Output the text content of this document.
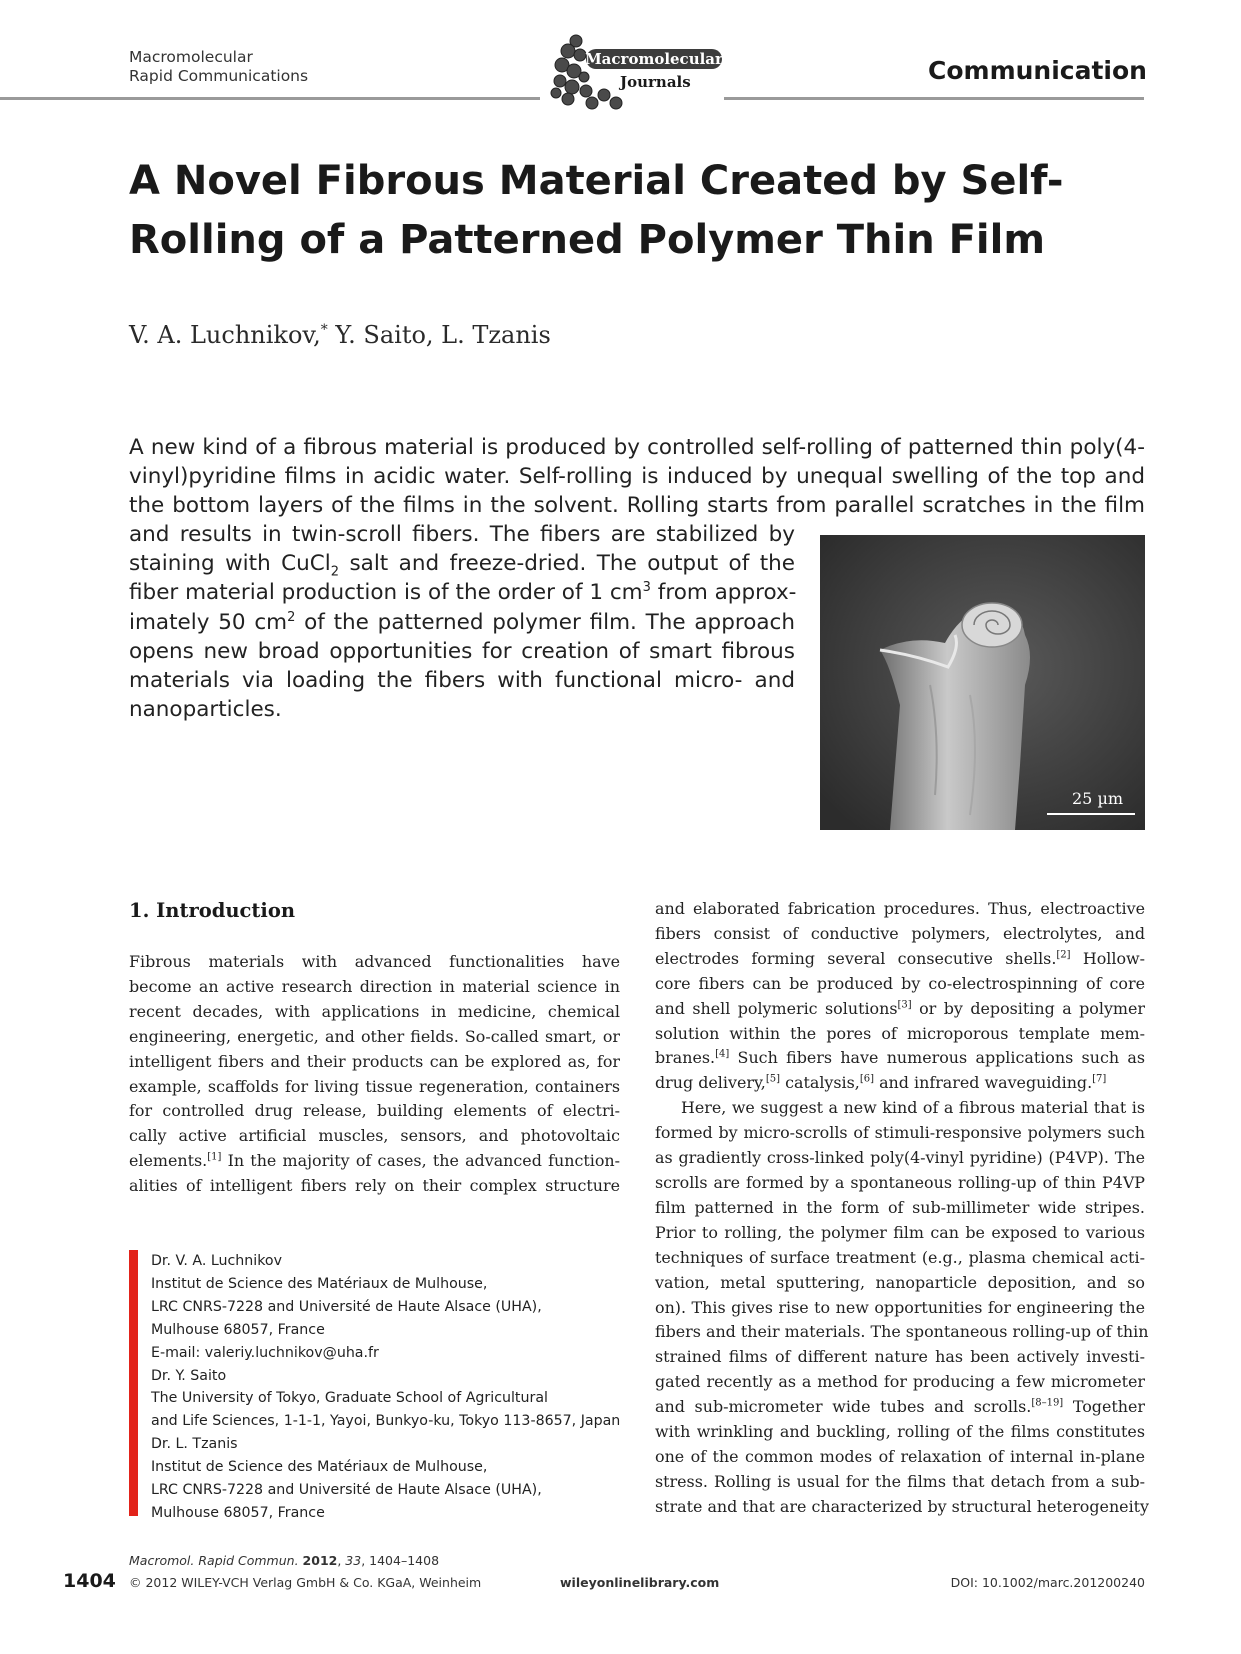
Macromolecular
Rapid Communications
Macromolecular
Journals	Communication
A Novel Fibrous Material Created by Self-
Rolling of a Patterned Polymer Thin Film
V. A. Luchnikov,* Y. Saito, L. Tzanis
A new kind of a fibrous material is produced by controlled self-rolling of patterned thin poly(4-
vinyl)pyridine films in acidic water. Self-rolling is induced by unequal swelling of the top and
the bottom layers of the films in the solvent. Rolling starts from parallel scratches in the film
and results in twin-scroll fibers. The fibers are stabilized by
staining with CuCl$_2$ salt and freeze-dried. The output of the
fiber material production is of the order of 1 $cm^3$ from approx-
imately 50 $cm^2$ of the patterned polymer film. The approach
opens new broad opportunities for creation of smart fibrous
materials via loading the fibers with functional micro- and
nanoparticles.
25 µm
1. Introduction
Fibrous materials with advanced functionalities have
become an active research direction in material science in
recent decades, with applications in medicine, chemical
engineering, energetic, and other fields. So-called smart, or
intelligent fibers and their products can be explored as, for
example, scaffolds for living tissue regeneration, containers
for controlled drug release, building elements of electri-
cally active artificial muscles, sensors, and photovoltaic
elements.[1] In the majority of cases, the advanced function-
alities of intelligent fibers rely on their complex structure
and elaborated fabrication procedures. Thus, electroactive
fibers consist of conductive polymers, electrolytes, and
electrodes forming several consecutive shells.[2] Hollow-
core fibers can be produced by co-electrospinning of core
and shell polymeric solutions[3] or by depositing a polymer
solution within the pores of microporous template mem-
branes.[4] Such fibers have numerous applications such as
drug delivery,[5] catalysis,[6] and infrared waveguiding.[7]
Here, we suggest a new kind of a fibrous material that is
formed by micro-scrolls of stimuli-responsive polymers such
as gradiently cross-linked poly(4-vinyl pyridine) (P4VP). The
scrolls are formed by a spontaneous rolling-up of thin P4VP
film patterned in the form of sub-millimeter wide stripes.
Prior to rolling, the polymer film can be exposed to various
techniques of surface treatment (e.g., plasma chemical acti-
vation, metal sputtering, nanoparticle deposition, and so
on). This gives rise to new opportunities for engineering the
fibers and their materials. The spontaneous rolling-up of thin
strained films of different nature has been actively investi-
gated recently as a method for producing a few micrometer
and sub-micrometer wide tubes and scrolls.[8–19] Together
with wrinkling and buckling, rolling of the films constitutes
one of the common modes of relaxation of internal in-plane
stress. Rolling is usual for the films that detach from a sub-
strate and that are characterized by structural heterogeneity
Dr. V. A. Luchnikov
Institut de Science des Matériaux de Mulhouse,
LRC CNRS-7228 and Université de Haute Alsace (UHA),
Mulhouse 68057, France
E-mail: valeriy.luchnikov@uha.fr
Dr. Y. Saito
The University of Tokyo, Graduate School of Agricultural
and Life Sciences, 1-1-1, Yayoi, Bunkyo-ku, Tokyo 113-8657, Japan
Dr. L. Tzanis
Institut de Science des Matériaux de Mulhouse,
LRC CNRS-7228 and Université de Haute Alsace (UHA),
Mulhouse 68057, France
1404
Macromol. Rapid Commun. 2012, 33, 1404–1408
© 2012 WILEY-VCH Verlag GmbH & Co. KGaA, Weinheim	wileyonlinelibrary.com	DOI: 10.1002/marc.201200240
